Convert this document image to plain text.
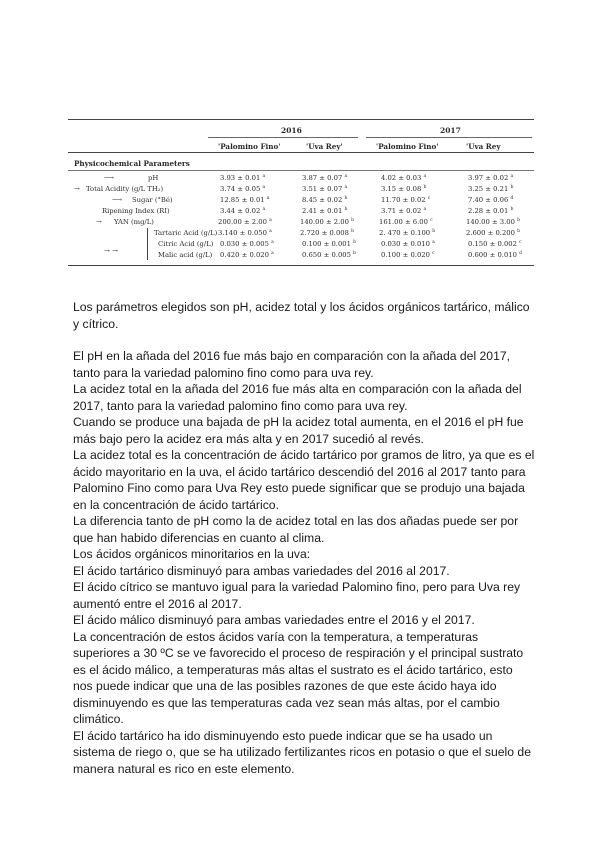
2016	2017
'Palomino Fino'	'Uva Rey'	'Palomino Fino'	'Uva Rey
Physicochemical Parameters
⟶	pH	3.93 ± 0.01 $^a$	3.87 ± 0.07 $^a$	4.02 ± 0.03 $^a$	3.97 ± 0.02 $^a$
→ Total Acidity (g/L TH₂)	3.74 ± 0.05 $^a$	3.51 ± 0.07 $^a$	3.15 ± 0.08 $^b$	3.25 ± 0.21 $^b$
⟶ Sugar (°Bé)	12.85 ± 0.01 $^a$	8.45 ± 0.02 $^b$	11.70 ± 0.02 $^c$	7.40 ± 0.06 $^d$
Ripening Index (RI)	3.44 ± 0.02 $^a$	2.41 ± 0.01 $^b$	3.71 ± 0.02 $^a$	2.28 ± 0.01 $^b$
→ YAN (mg/L)	200.00 ± 2.00 $^a$	140.00 ± 2.00 $^b$	161.00 ± 6.00 $^c$	140.00 ± 3.00 $^b$
→ →
Tartaric Acid (g/L) 3.140 ± 0.050 $^a$	2.720 ± 0.008 $^b$	2. 470 ± 0.100 $^b$	2.600 ± 0.200 $^b$
Citric Acid (g/L) 0.030 ± 0.005 $^a$	0.100 ± 0.001 $^b$	0.030 ± 0.010 $^a$	0.150 ± 0.002 $^c$
Malic acid (g/L)	0.420 ± 0.020 $^a$	0.650 ± 0.005 $^b$	0.100 ± 0.020 $^c$	0.600 ± 0.010 $^d$

Los parámetros elegidos son pH, acidez total y los ácidos orgánicos tartárico, málico y cítrico.

El pH en la añada del 2016 fue más bajo en comparación con la añada del 2017, tanto para la variedad palomino fino como para uva rey.

La acidez total en la añada del 2016 fue más alta en comparación con la añada del 2017, tanto para la variedad palomino fino como para uva rey.

Cuando se produce una bajada de pH la acidez total aumenta, en el 2016 el pH fue más bajo pero la acidez era más alta y en 2017 sucedió al revés.

La acidez total es la concentración de ácido tartárico por gramos de litro, ya que es el ácido mayoritario en la uva, el ácido tartárico descendió del 2016 al 2017 tanto para Palomino Fino como para Uva Rey esto puede significar que se produjo una bajada en la concentración de ácido tartárico.

La diferencia tanto de pH como la de acidez total en las dos añadas puede ser por que han habido diferencias en cuanto al clima.

Los ácidos orgánicos minoritarios en la uva:

El ácido tartárico disminuyó para ambas variedades del 2016 al 2017.

El ácido cítrico se mantuvo igual para la variedad Palomino fino, pero para Uva rey aumentó entre el 2016 al 2017.

El ácido málico disminuyó para ambas variedades entre el 2016 y el 2017.

La concentración de estos ácidos varía con la temperatura, a temperaturas superiores a 30 ºC se ve favorecido el proceso de respiración y el principal sustrato es el ácido málico, a temperaturas más altas el sustrato es el ácido tartárico, esto nos puede indicar que una de las posibles razones de que este ácido haya ido disminuyendo es que las temperaturas cada vez sean más altas, por el cambio climático.

El ácido tartárico ha ido disminuyendo esto puede indicar que se ha usado un sistema de riego o, que se ha utilizado fertilizantes ricos en potasio o que el suelo de manera natural es rico en este elemento.
